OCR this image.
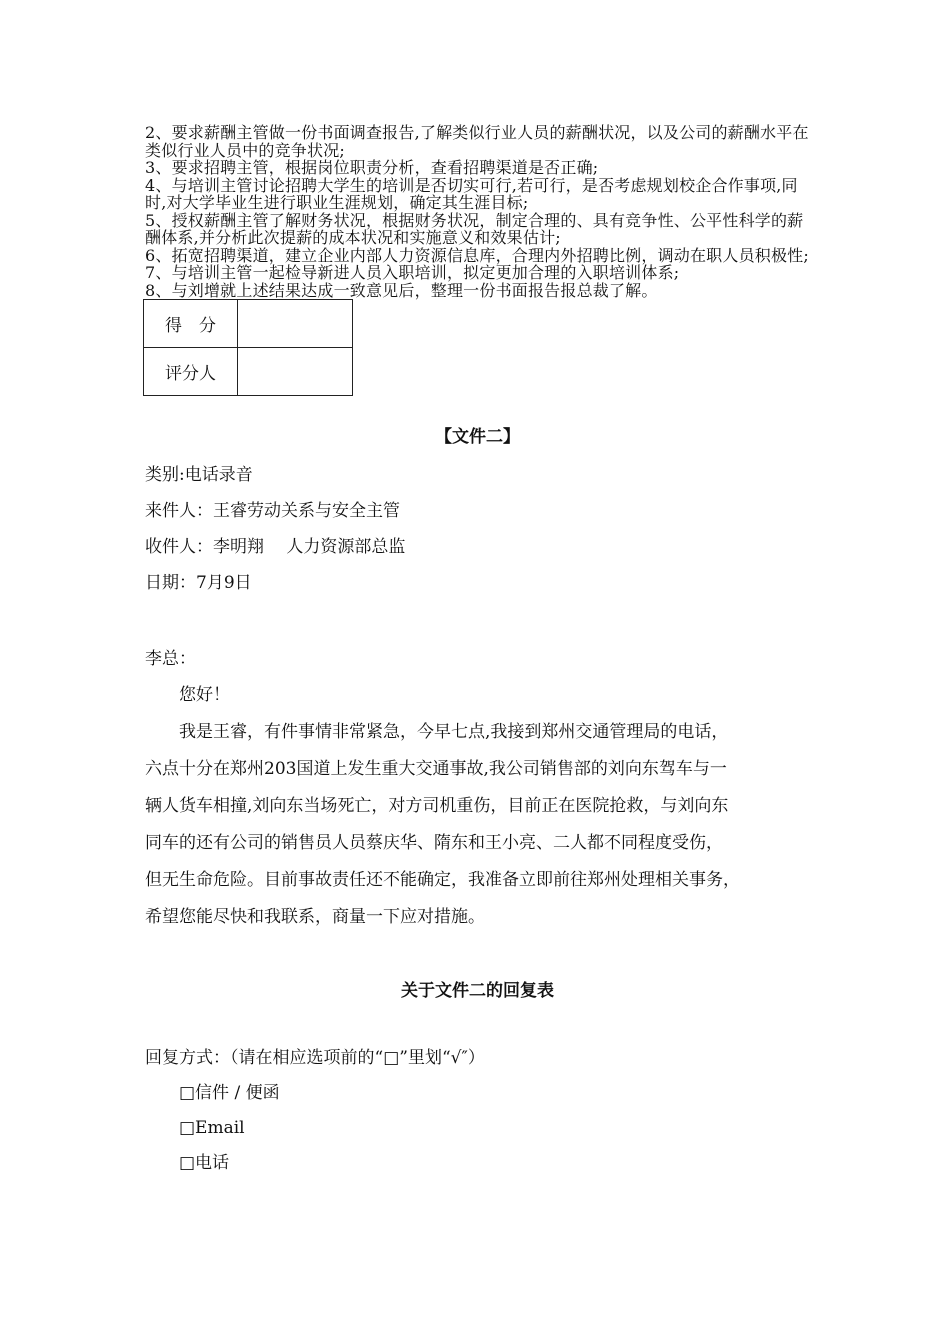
2、要求薪酬主管做一份书面调查报告,了解类似行业人员的薪酬状况，以及公司的薪酬水平在类似行业人员中的竞争状况;
3、要求招聘主管，根据岗位职责分析，查看招聘渠道是否正确;
4、与培训主管讨论招聘大学生的培训是否切实可行,若可行，是否考虑规划校企合作事项,同时,对大学毕业生进行职业生涯规划，确定其生涯目标;
5、授权薪酬主管了解财务状况，根据财务状况，制定合理的、具有竞争性、公平性科学的薪酬体系,并分析此次提薪的成本状况和实施意义和效果估计;
6、拓宽招聘渠道，建立企业内部人力资源信息库，合理内外招聘比例，调动在职人员积极性;
7、与培训主管一起检导新进人员入职培训，拟定更加合理的入职培训体系;
8、与刘增就上述结果达成一致意见后，整理一份书面报告报总裁了解。
得　分	
评分人	
【文件二】

类别:电话录音

来件人：王睿劳动关系与安全主管

收件人：李明翔　 人力资源部总监

日期：7月9日

李总：

您好！

我是王睿，有件事情非常紧急，今早七点,我接到郑州交通管理局的电话，

六点十分在郑州203国道上发生重大交通事故,我公司销售部的刘向东驾车与一

辆人货车相撞,刘向东当场死亡，对方司机重伤，目前正在医院抢救，与刘向东

同车的还有公司的销售员人员蔡庆华、隋东和王小亮、二人都不同程度受伤，

但无生命危险。目前事故责任还不能确定，我准备立即前往郑州处理相关事务，

希望您能尽快和我联系，商量一下应对措施。

关于文件二的回复表

回复方式：（请在相应选项前的“□”里划“√″）

□信件 / 便函

□Email

□电话
